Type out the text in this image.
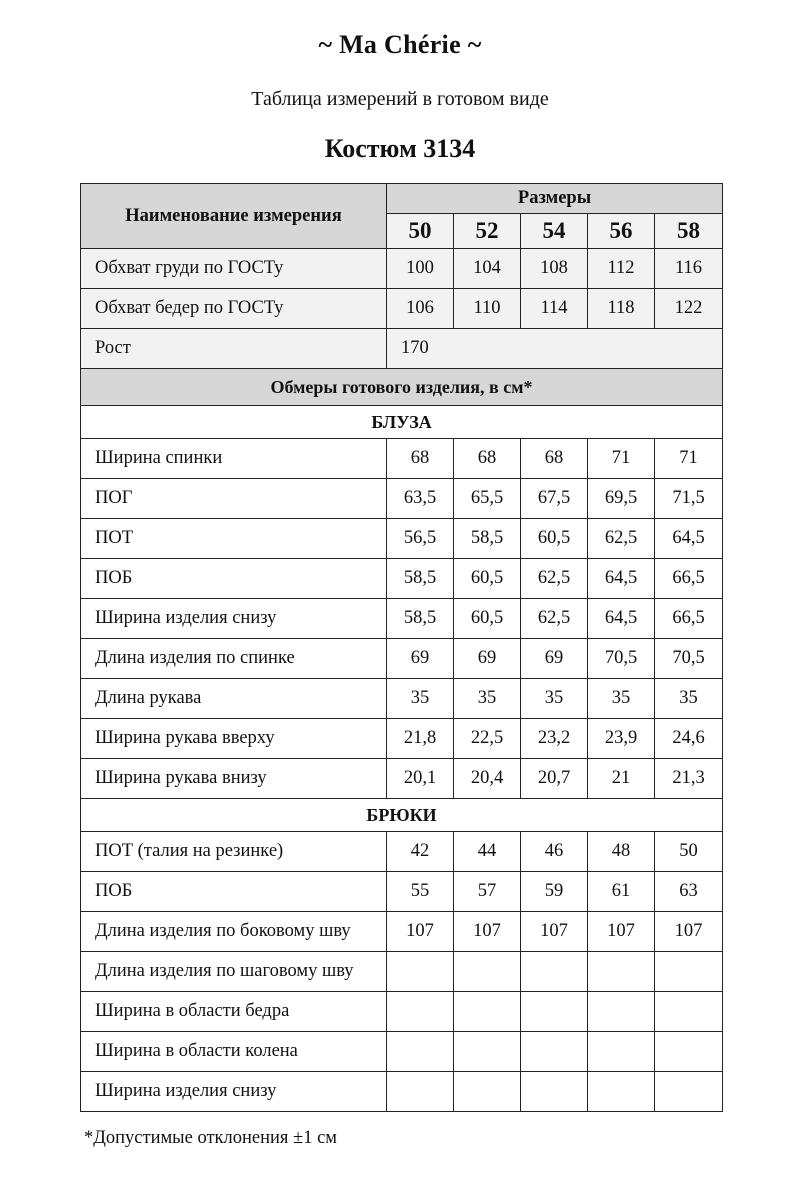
~ Ma Chérie ~
Таблица измерений в готовом виде
Костюм 3134
Наименование измерения	Размеры				
	50	52	54	56	58
Обхват груди по ГОСТу	100	104	108	112	116
Обхват бедер по ГОСТу	106	110	114	118	122
Рост	170				
Обмеры готового изделия, в см*					
БЛУЗА					
Ширина спинки	68	68	68	71	71
ПОГ	63,5	65,5	67,5	69,5	71,5
ПОТ	56,5	58,5	60,5	62,5	64,5
ПОБ	58,5	60,5	62,5	64,5	66,5
Ширина изделия снизу	58,5	60,5	62,5	64,5	66,5
Длина изделия по спинке	69	69	69	70,5	70,5
Длина рукава	35	35	35	35	35
Ширина рукава вверху	21,8	22,5	23,2	23,9	24,6
Ширина рукава внизу	20,1	20,4	20,7	21	21,3
БРЮКИ					
ПОТ (талия на резинке)	42	44	46	48	50
ПОБ	55	57	59	61	63
Длина изделия по боковому шву	107	107	107	107	107
Длина изделия по шаговому шву					
Ширина в области бедра					
Ширина в области колена					
Ширина изделия снизу					
*Допустимые отклонения ±1 см
